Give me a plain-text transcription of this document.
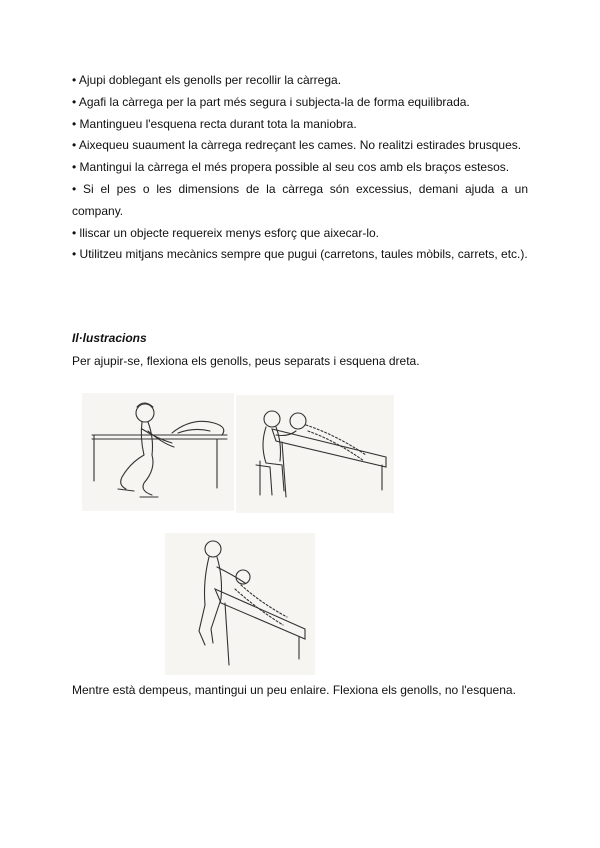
• Ajupi doblegant els genolls per recollir la càrrega.

• Agafi la càrrega per la part més segura i subjecta-la de forma equilibrada.

• Mantingueu l'esquena recta durant tota la maniobra.

• Aixequeu suaument la càrrega redreçant les cames. No realitzi estirades brusques.

• Mantingui la càrrega el més propera possible al seu cos amb els braços estesos.

• Si el pes o les dimensions de la càrrega són excessius, demani ajuda a un company.

• lliscar un objecte requereix menys esforç que aixecar-lo.

• Utilitzeu mitjans mecànics sempre que pugui (carretons, taules mòbils, carrets, etc.).

Il·lustracions

Per ajupir-se, flexiona els genolls, peus separats i esquena dreta.

Mentre està dempeus, mantingui un peu enlaire. Flexiona els genolls, no l'esquena.
